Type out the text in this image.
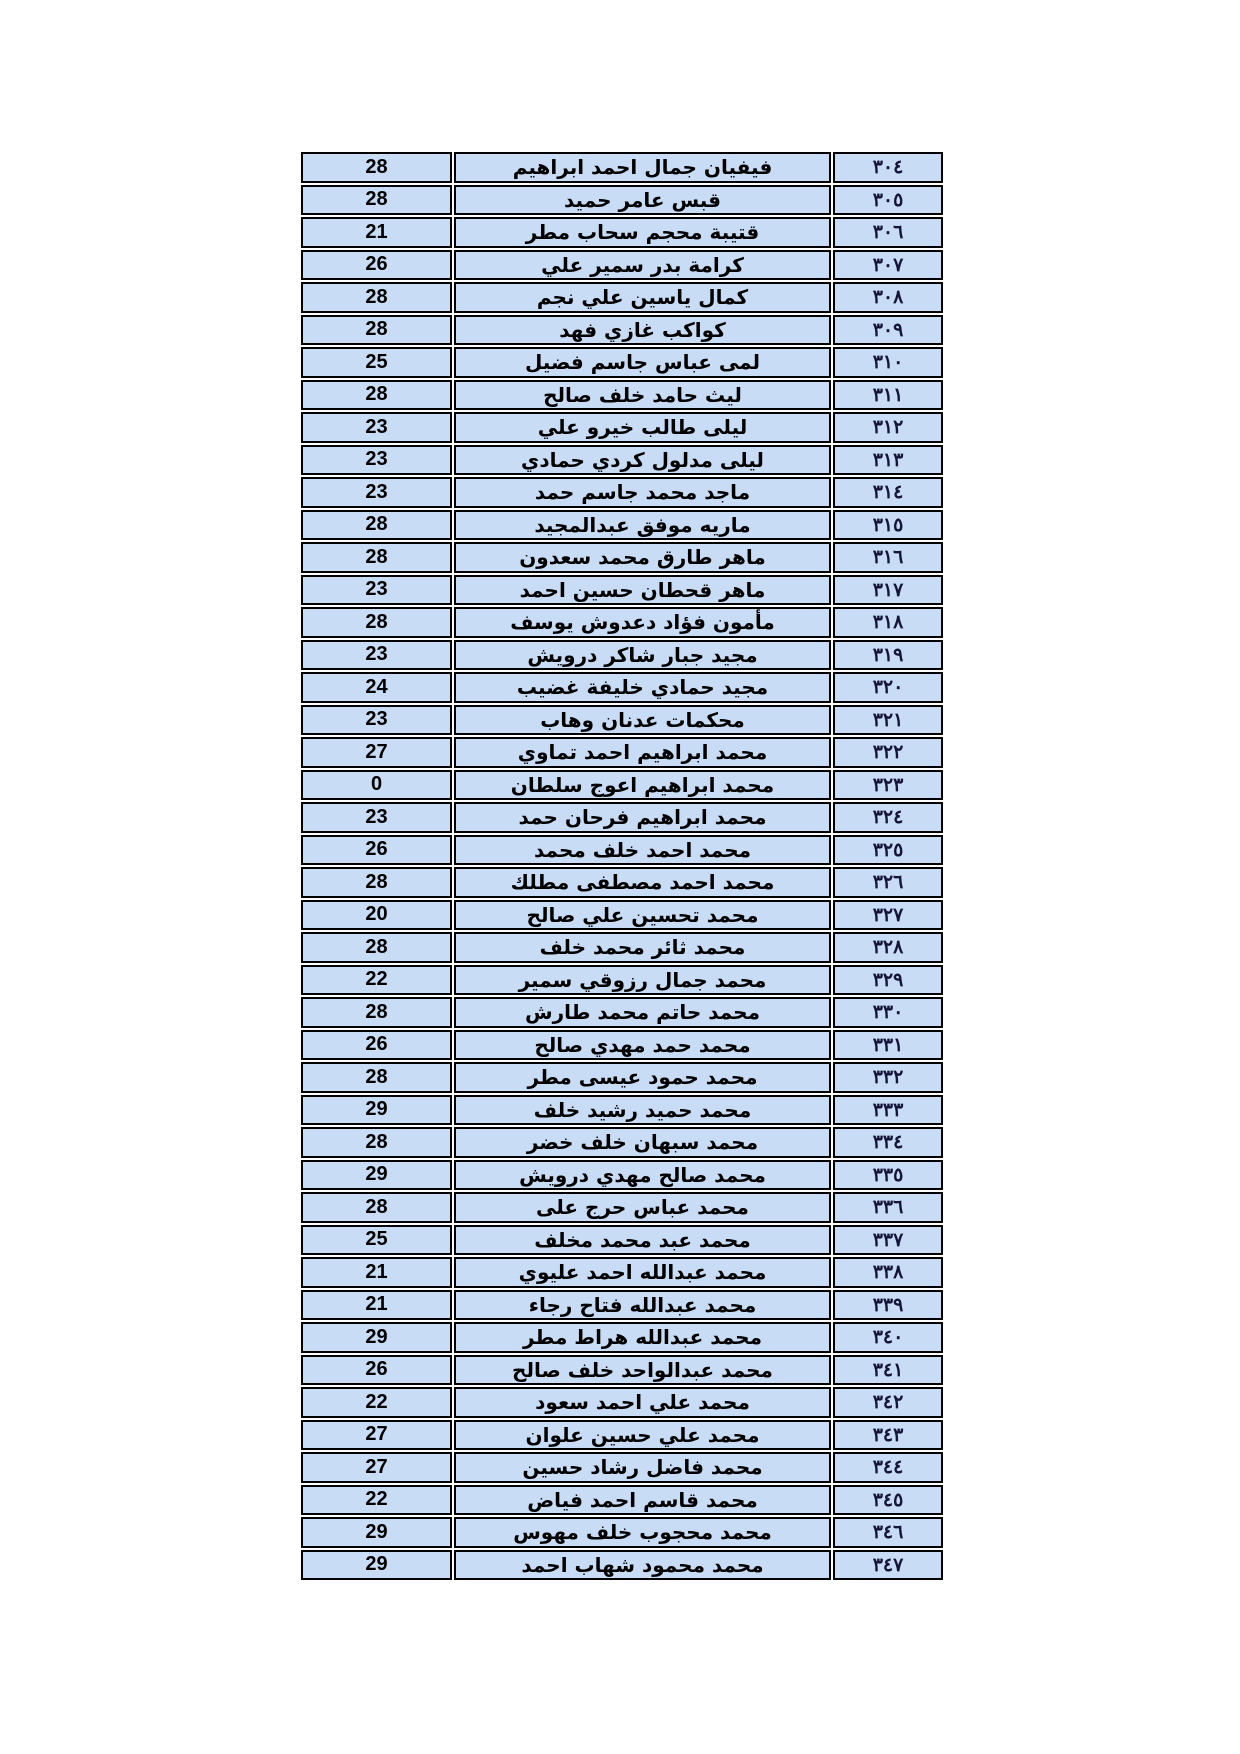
٣٠٤	فيفيان جمال احمد ابراهيم	28
٣٠٥	قبس عامر حميد	28
٣٠٦	قتيبة محجم سحاب مطر	21
٣٠٧	كرامة بدر سمير علي	26
٣٠٨	كمال ياسين علي نجم	28
٣٠٩	كواكب غازي فهد	28
٣١٠	لمى عباس جاسم فضيل	25
٣١١	ليث حامد خلف صالح	28
٣١٢	ليلى طالب خيرو علي	23
٣١٣	ليلى مدلول كردي حمادي	23
٣١٤	ماجد محمد جاسم حمد	23
٣١٥	ماريه موفق عبدالمجيد	28
٣١٦	ماهر طارق محمد سعدون	28
٣١٧	ماهر قحطان حسين احمد	23
٣١٨	مأمون فؤاد دعدوش يوسف	28
٣١٩	مجيد جبار شاكر درويش	23
٣٢٠	مجيد حمادي خليفة غضيب	24
٣٢١	محكمات عدنان وهاب	23
٣٢٢	محمد ابراهيم احمد تماوي	27
٣٢٣	محمد ابراهيم اعوج سلطان	0
٣٢٤	محمد ابراهيم فرحان حمد	23
٣٢٥	محمد احمد خلف محمد	26
٣٢٦	محمد احمد مصطفى مطلك	28
٣٢٧	محمد تحسين علي صالح	20
٣٢٨	محمد ثائر محمد خلف	28
٣٢٩	محمد جمال رزوقي سمير	22
٣٣٠	محمد حاتم محمد طارش	28
٣٣١	محمد حمد مهدي صالح	26
٣٣٢	محمد حمود عيسى مطر	28
٣٣٣	محمد حميد رشيد خلف	29
٣٣٤	محمد سبهان خلف خضر	28
٣٣٥	محمد صالح مهدي درويش	29
٣٣٦	محمد عباس حرج على	28
٣٣٧	محمد عبد محمد مخلف	25
٣٣٨	محمد عبدالله احمد عليوي	21
٣٣٩	محمد عبدالله فتاح رجاء	21
٣٤٠	محمد عبدالله هراط مطر	29
٣٤١	محمد عبدالواحد خلف صالح	26
٣٤٢	محمد علي احمد سعود	22
٣٤٣	محمد علي حسين علوان	27
٣٤٤	محمد فاضل رشاد حسين	27
٣٤٥	محمد قاسم احمد فياض	22
٣٤٦	محمد محجوب خلف مهوس	29
٣٤٧	محمد محمود شهاب احمد	29
